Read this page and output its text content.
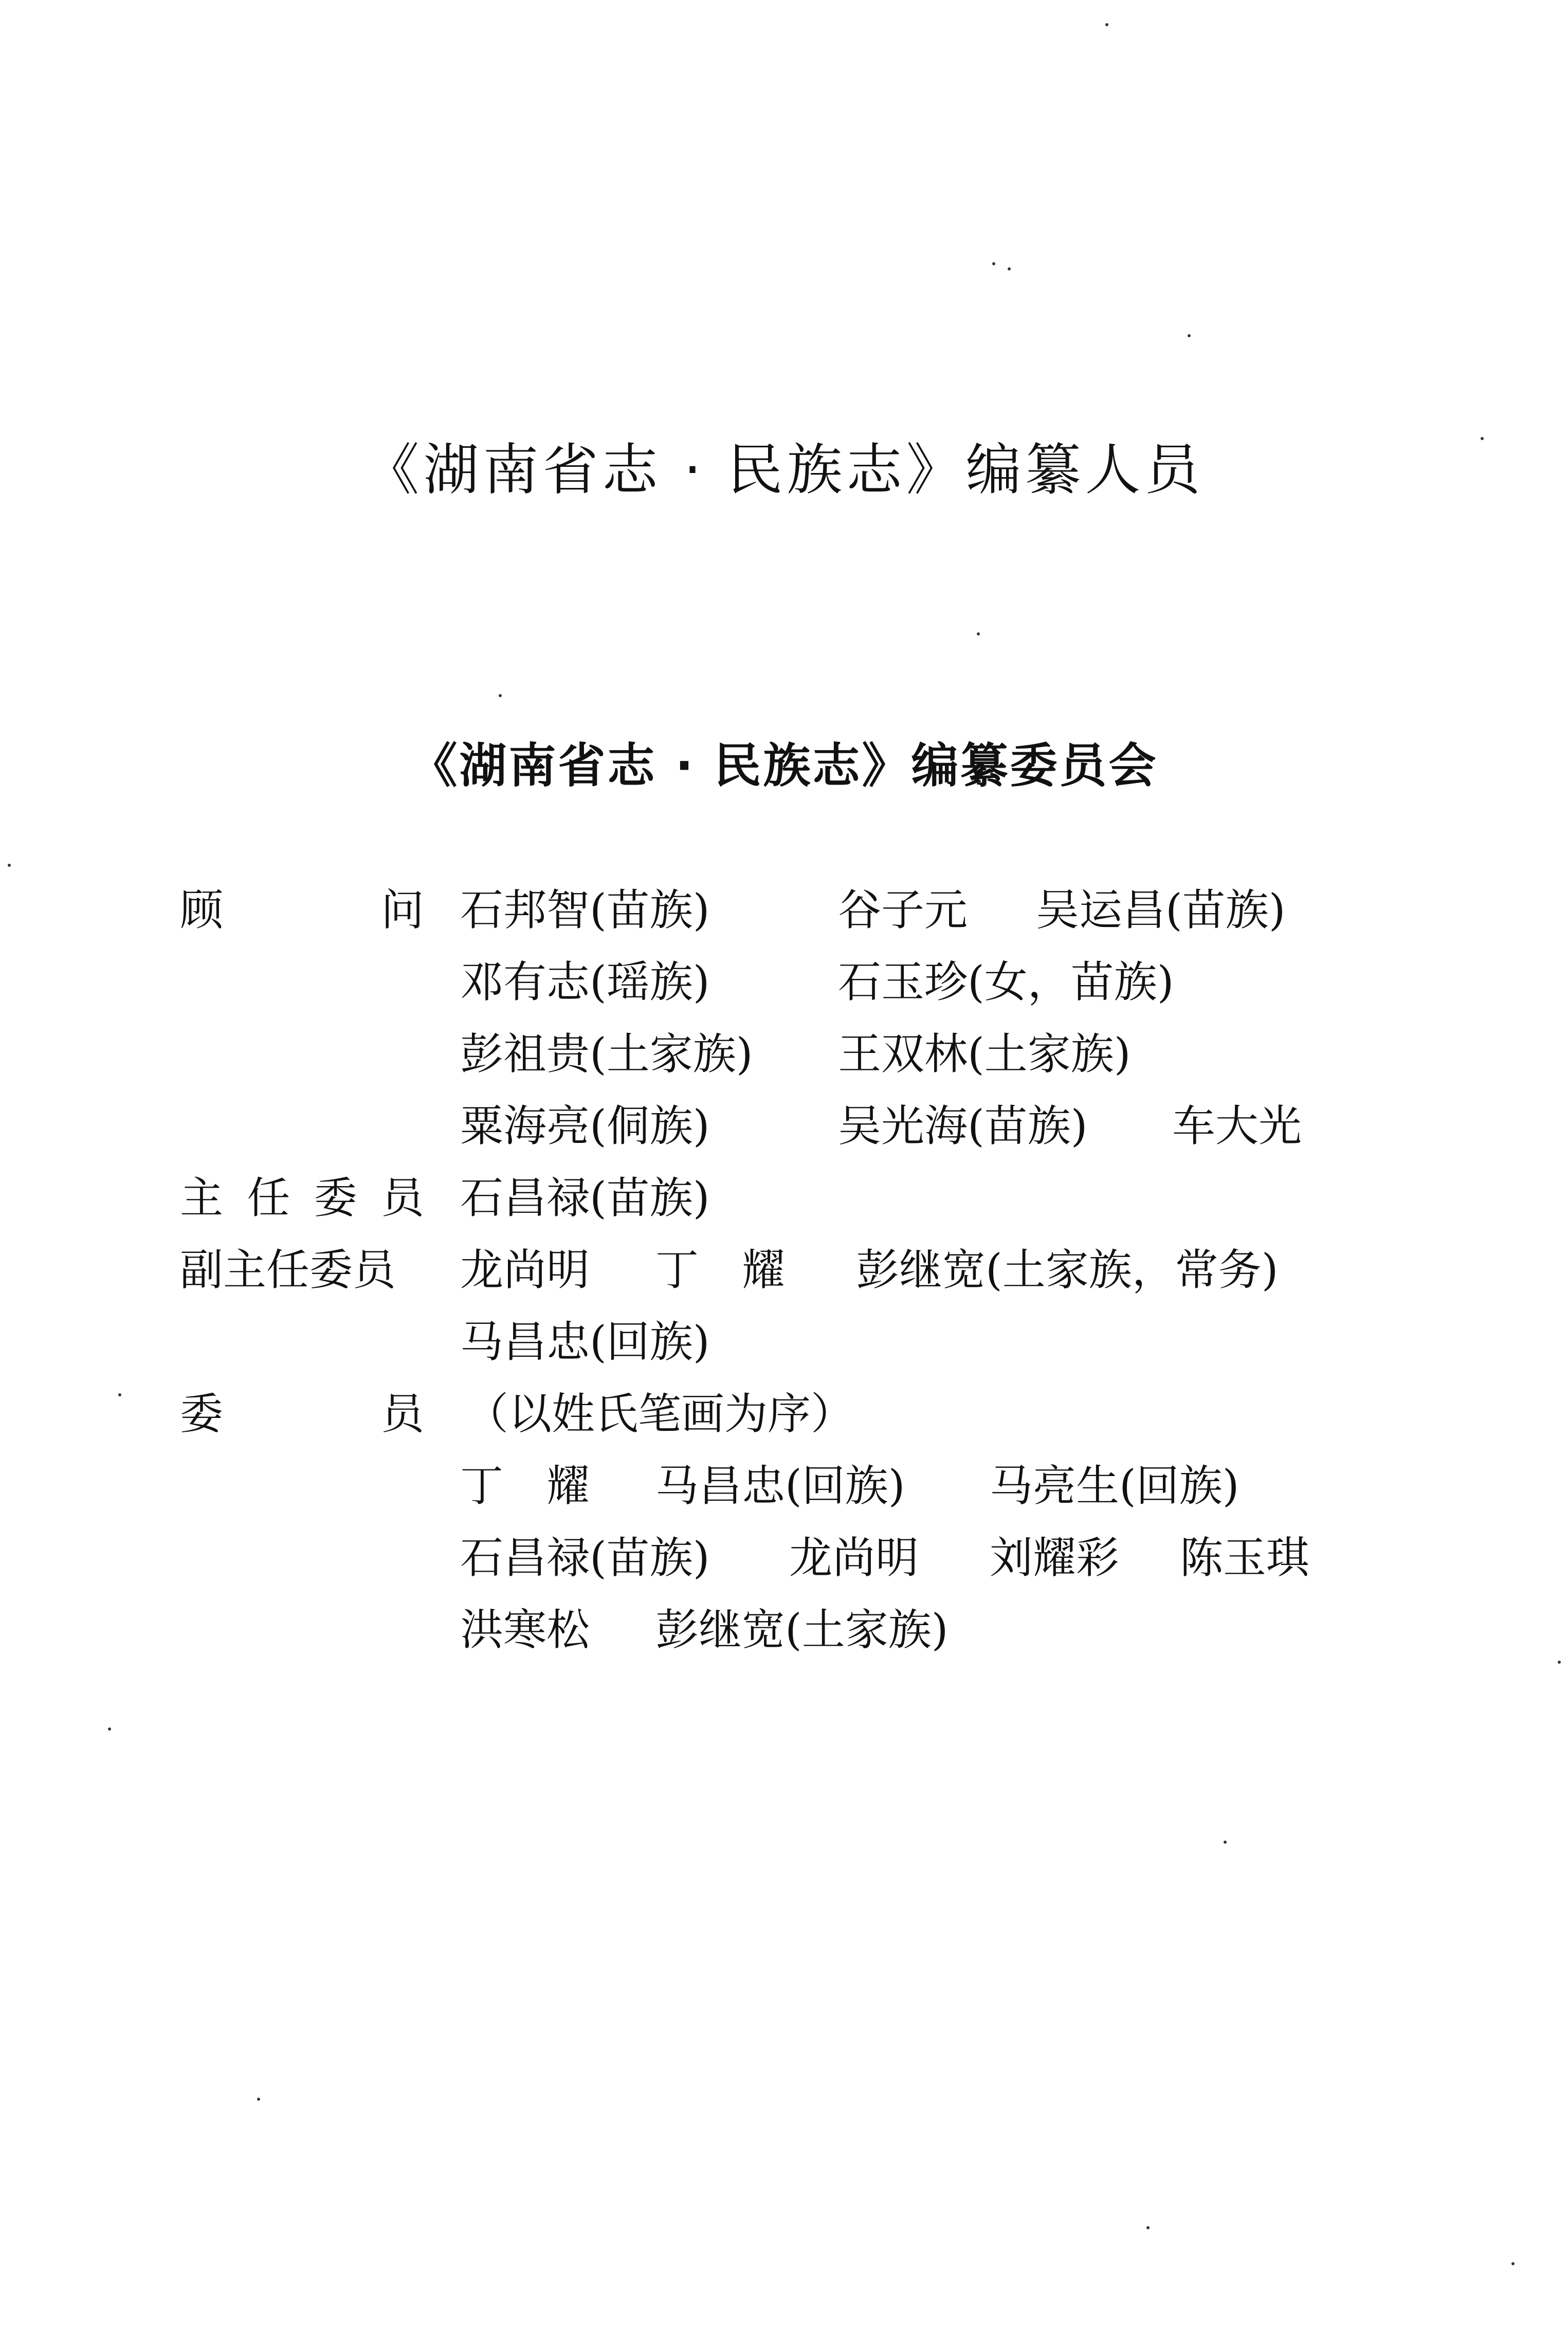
《湖南省志 · 民族志》编纂人员
《湖南省志 · 民族志》编纂委员会
顾	问 石邦智(苗族)	谷子元 吴运昌(苗族)
邓有志(瑶族)	石玉珍(女，苗族)
彭祖贵(土家族) 王双林(土家族)
粟海亮(侗族)	吴光海(苗族) 车大光
主 任 委 员 石昌禄(苗族)
副主任委员 龙尚明 丁　耀 彭继宽(土家族，常务)
马昌忠(回族)
委	员 （以姓氏笔画为序）
丁　耀 马昌忠(回族) 马亮生(回族)
石昌禄(苗族) 龙尚明 刘耀彩 陈玉琪
洪寒松 彭继宽(土家族)
